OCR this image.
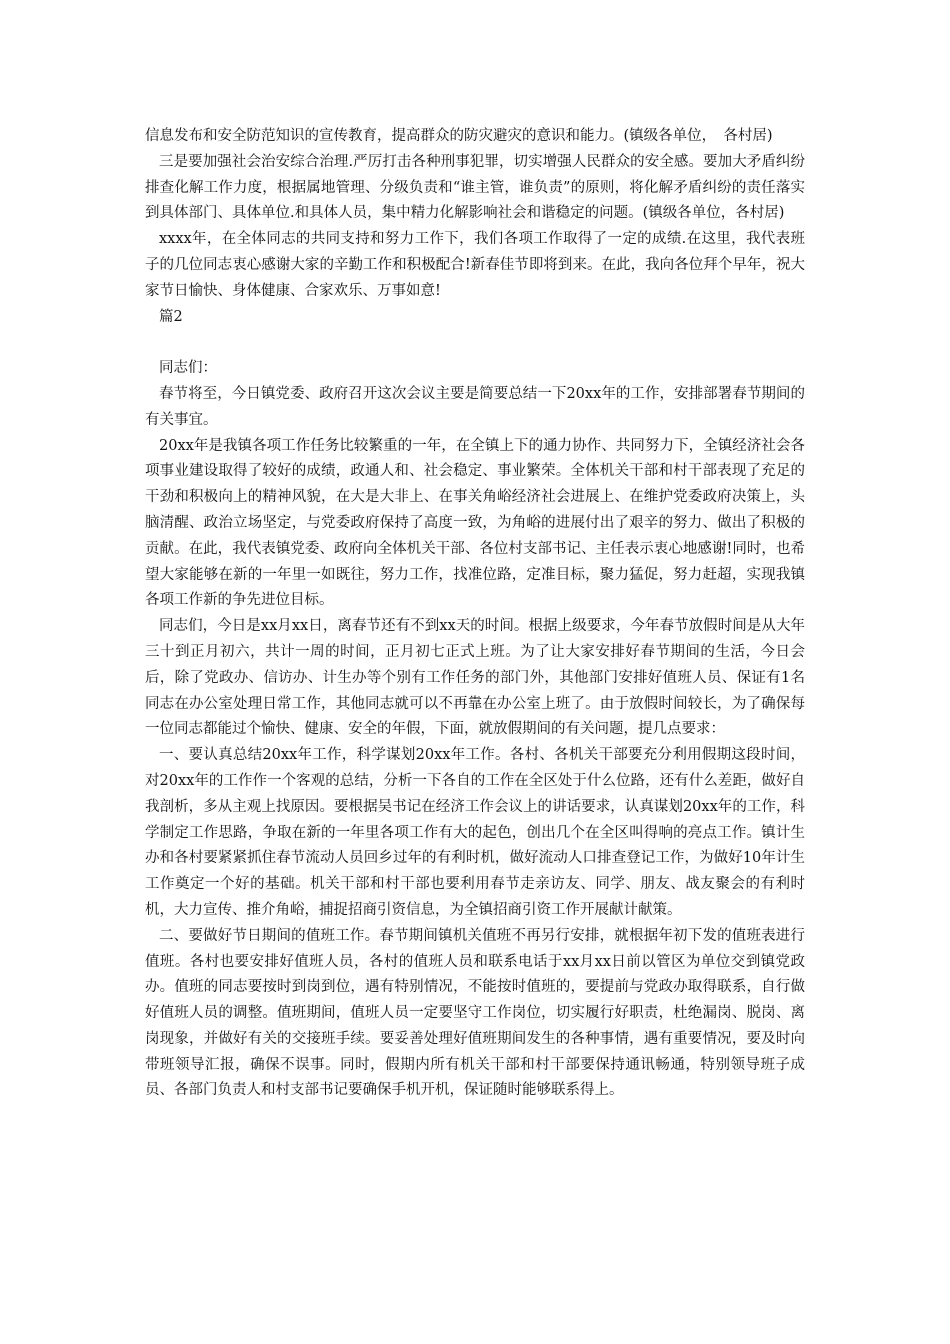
信息发布和安全防范知识的宣传教育，提高群众的防灾避灾的意识和能力。(镇级各单位，　各村居)

三是要加强社会治安综合治理.严厉打击各种刑事犯罪，切实增强人民群众的安全感。要加大矛盾纠纷排查化解工作力度，根据属地管理、分级负责和“谁主管，谁负责”的原则，将化解矛盾纠纷的责任落实到具体部门、具体单位.和具体人员，集中精力化解影响社会和谐稳定的问题。(镇级各单位，各村居)

xxxx年，在全体同志的共同支持和努力工作下，我们各项工作取得了一定的成绩.在这里，我代表班子的几位同志衷心感谢大家的辛勤工作和积极配合!新春佳节即将到来。在此，我向各位拜个早年，祝大家节日愉快、身体健康、合家欢乐、万事如意!

篇2

同志们：

春节将至，今日镇党委、政府召开这次会议主要是简要总结一下20xx年的工作，安排部署春节期间的有关事宜。

20xx年是我镇各项工作任务比较繁重的一年，在全镇上下的通力协作、共同努力下，全镇经济社会各项事业建设取得了较好的成绩，政通人和、社会稳定、事业繁荣。全体机关干部和村干部表现了充足的干劲和积极向上的精神风貌，在大是大非上、在事关角峪经济社会进展上、在维护党委政府决策上，头脑清醒、政治立场坚定，与党委政府保持了高度一致，为角峪的进展付出了艰辛的努力、做出了积极的贡献。在此，我代表镇党委、政府向全体机关干部、各位村支部书记、主任表示衷心地感谢!同时，也希望大家能够在新的一年里一如既往，努力工作，找准位路，定准目标，聚力猛促，努力赶超，实现我镇各项工作新的争先进位目标。

同志们，今日是xx月xx日，离春节还有不到xx天的时间。根据上级要求，今年春节放假时间是从大年三十到正月初六，共计一周的时间，正月初七正式上班。为了让大家安排好春节期间的生活，今日会后，除了党政办、信访办、计生办等个别有工作任务的部门外，其他部门安排好值班人员、保证有1名同志在办公室处理日常工作，其他同志就可以不再靠在办公室上班了。由于放假时间较长，为了确保每一位同志都能过个愉快、健康、安全的年假，下面，就放假期间的有关问题，提几点要求：

一、要认真总结20xx年工作，科学谋划20xx年工作。各村、各机关干部要充分利用假期这段时间，对20xx年的工作作一个客观的总结，分析一下各自的工作在全区处于什么位路，还有什么差距，做好自我剖析，多从主观上找原因。要根据吴书记在经济工作会议上的讲话要求，认真谋划20xx年的工作，科学制定工作思路，争取在新的一年里各项工作有大的起色，创出几个在全区叫得响的亮点工作。镇计生办和各村要紧紧抓住春节流动人员回乡过年的有利时机，做好流动人口排查登记工作，为做好10年计生工作奠定一个好的基础。机关干部和村干部也要利用春节走亲访友、同学、朋友、战友聚会的有利时机，大力宣传、推介角峪，捕捉招商引资信息，为全镇招商引资工作开展献计献策。

二、要做好节日期间的值班工作。春节期间镇机关值班不再另行安排，就根据年初下发的值班表进行值班。各村也要安排好值班人员，各村的值班人员和联系电话于xx月xx日前以管区为单位交到镇党政办。值班的同志要按时到岗到位，遇有特别情况，不能按时值班的，要提前与党政办取得联系，自行做好值班人员的调整。值班期间，值班人员一定要坚守工作岗位，切实履行好职责，杜绝漏岗、脱岗、离岗现象，并做好有关的交接班手续。要妥善处理好值班期间发生的各种事情，遇有重要情况，要及时向带班领导汇报，确保不误事。同时，假期内所有机关干部和村干部要保持通讯畅通，特别领导班子成员、各部门负责人和村支部书记要确保手机开机，保证随时能够联系得上。
